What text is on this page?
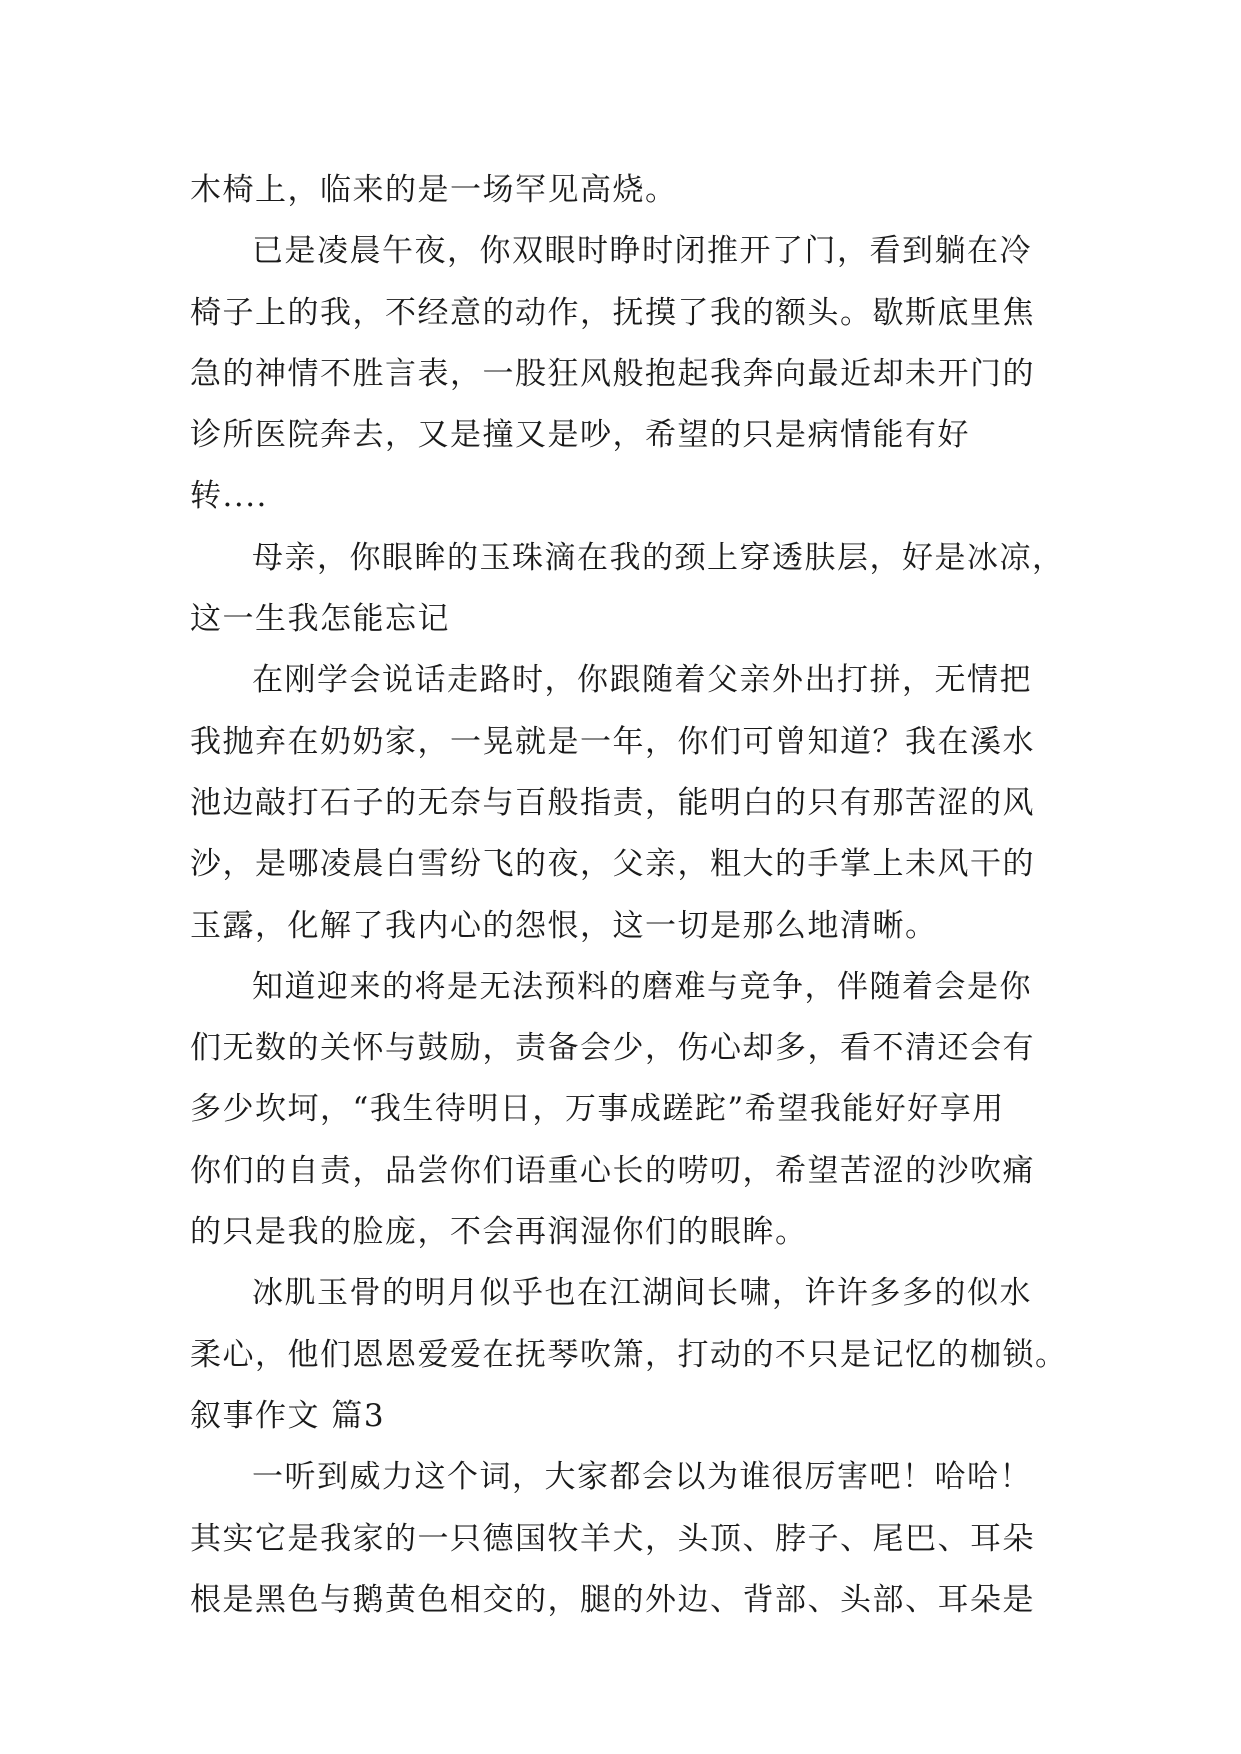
木椅上，临来的是一场罕见高烧。
已是凌晨午夜，你双眼时睁时闭推开了门，看到躺在冷
椅子上的我，不经意的动作，抚摸了我的额头。歇斯底里焦
急的神情不胜言表，一股狂风般抱起我奔向最近却未开门的
诊所医院奔去，又是撞又是吵，希望的只是病情能有好
转....
母亲，你眼眸的玉珠滴在我的颈上穿透肤层，好是冰凉，
这一生我怎能忘记
在刚学会说话走路时，你跟随着父亲外出打拼，无情把
我抛弃在奶奶家，一晃就是一年，你们可曾知道？我在溪水
池边敲打石子的无奈与百般指责，能明白的只有那苦涩的风
沙，是哪凌晨白雪纷飞的夜，父亲，粗大的手掌上未风干的
玉露，化解了我内心的怨恨，这一切是那么地清晰。
知道迎来的将是无法预料的磨难与竞争，伴随着会是你
们无数的关怀与鼓励，责备会少，伤心却多，看不清还会有
多少坎坷，“我生待明日，万事成蹉跎”希望我能好好享用
你们的自责，品尝你们语重心长的唠叨，希望苦涩的沙吹痛
的只是我的脸庞，不会再润湿你们的眼眸。
冰肌玉骨的明月似乎也在江湖间长啸，许许多多的似水
柔心，他们恩恩爱爱在抚琴吹箫，打动的不只是记忆的枷锁。
叙事作文 篇3
一听到威力这个词，大家都会以为谁很厉害吧！哈哈！
其实它是我家的一只德国牧羊犬，头顶、脖子、尾巴、耳朵
根是黑色与鹅黄色相交的，腿的外边、背部、头部、耳朵是
